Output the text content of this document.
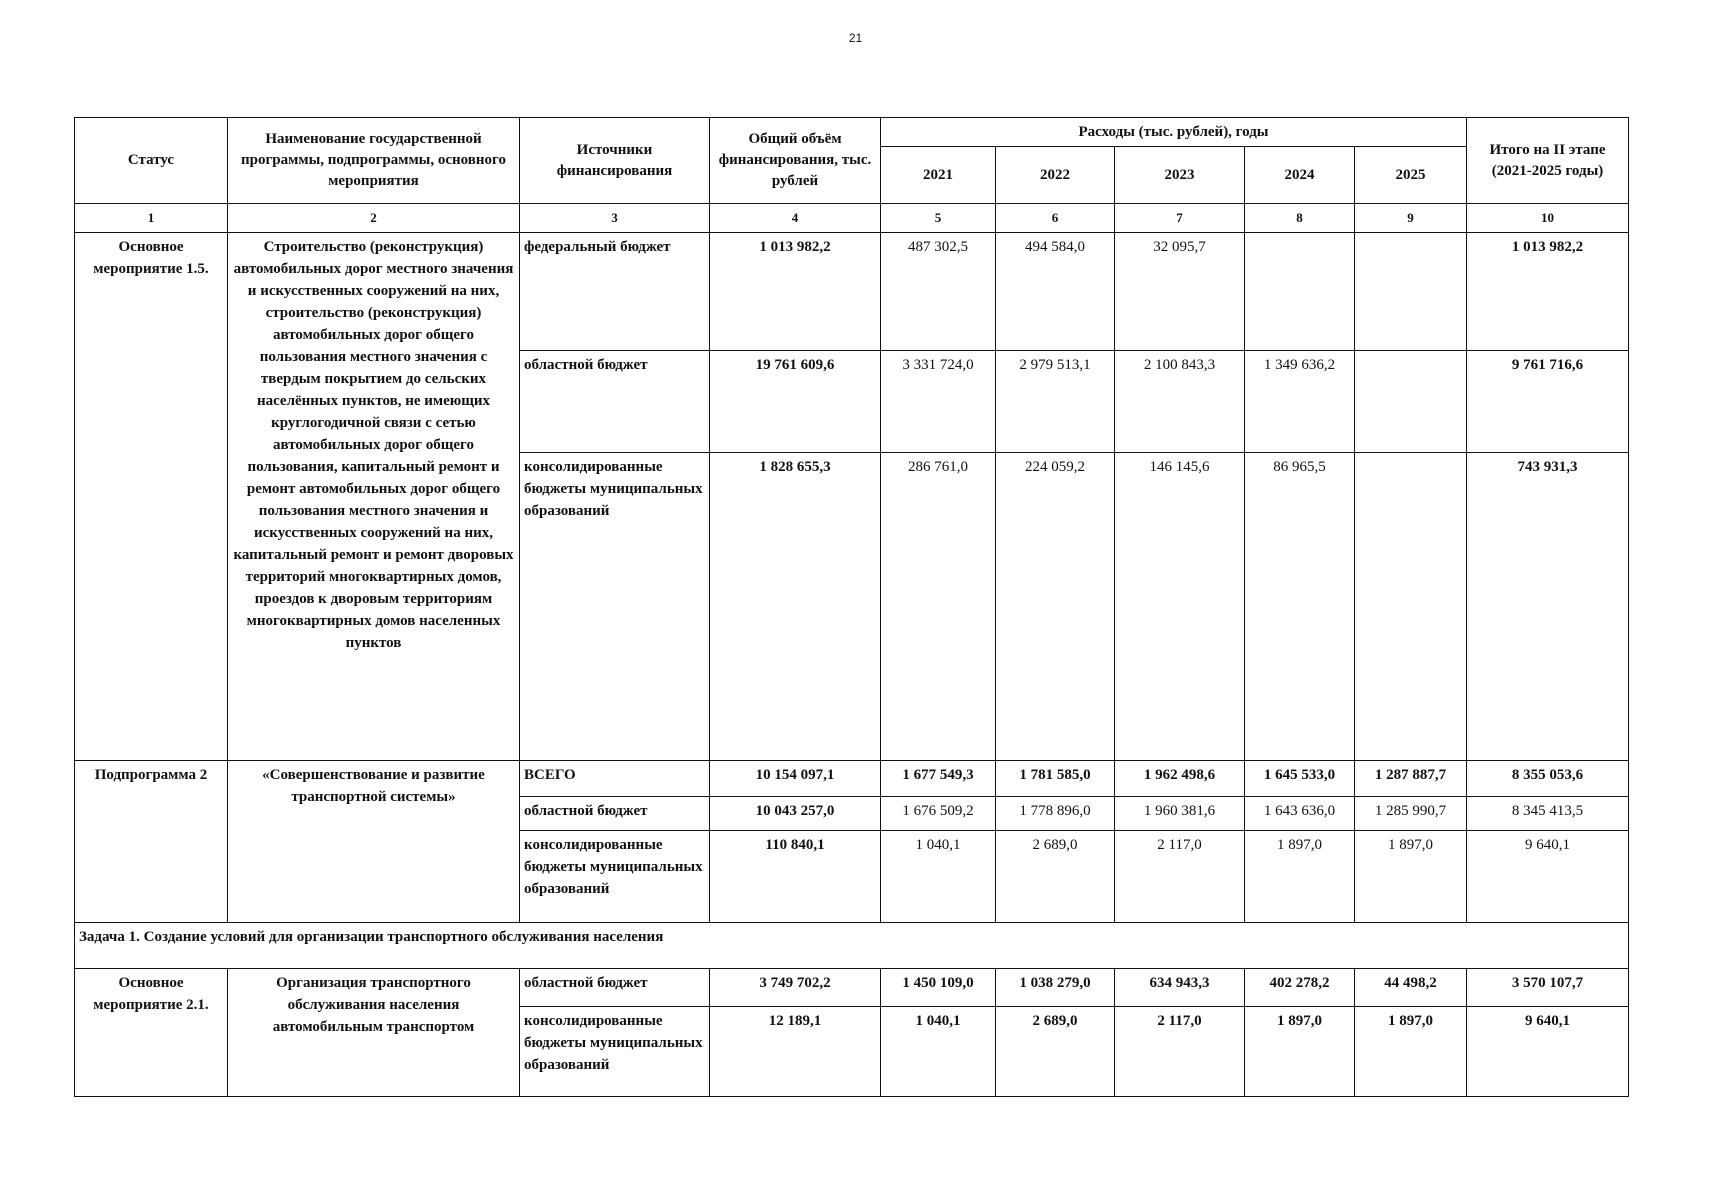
21
Статус	Наименование государственной программы, подпрограммы, основного мероприятия	Источники финансирования	Общий объём финансирования, тыс. рублей	Расходы (тыс. рублей), годы					Итого на II этапе (2021-2025 годы)
				2021	2022	2023	2024	2025	
1	2	3	4	5	6	7	8	9	10
Основное мероприятие 1.5.	Строительство (реконструкция) автомобильных дорог местного значения и искусственных сооружений на них, строительство (реконструкция) автомобильных дорог общего пользования местного значения с твердым покрытием до сельских населённых пунктов, не имеющих круглогодичной связи с сетью автомобильных дорог общего пользования, капитальный ремонт и ремонт автомобильных дорог общего пользования местного значения и искусственных сооружений на них, капитальный ремонт и ремонт дворовых территорий многоквартирных домов, проездов к дворовым территориям многоквартирных домов населенных пунктов	федеральный бюджет	1 013 982,2	487 302,5	494 584,0	32 095,7			1 013 982,2
		областной бюджет	19 761 609,6	3 331 724,0	2 979 513,1	2 100 843,3	1 349 636,2		9 761 716,6
		консолидированные бюджеты муниципальных образований	1 828 655,3	286 761,0	224 059,2	146 145,6	86 965,5		743 931,3
Подпрограмма 2	«Совершенствование и развитие транспортной системы»	ВСЕГО	10 154 097,1	1 677 549,3	1 781 585,0	1 962 498,6	1 645 533,0	1 287 887,7	8 355 053,6
		областной бюджет	10 043 257,0	1 676 509,2	1 778 896,0	1 960 381,6	1 643 636,0	1 285 990,7	8 345 413,5
		консолидированные бюджеты муниципальных образований	110 840,1	1 040,1	2 689,0	2 117,0	1 897,0	1 897,0	9 640,1
Задача 1. Создание условий для организации транспортного обслуживания населения									
Основное мероприятие 2.1.	Организация транспортного обслуживания населения автомобильным транспортом	областной бюджет	3 749 702,2	1 450 109,0	1 038 279,0	634 943,3	402 278,2	44 498,2	3 570 107,7
		консолидированные бюджеты муниципальных образований	12 189,1	1 040,1	2 689,0	2 117,0	1 897,0	1 897,0	9 640,1
